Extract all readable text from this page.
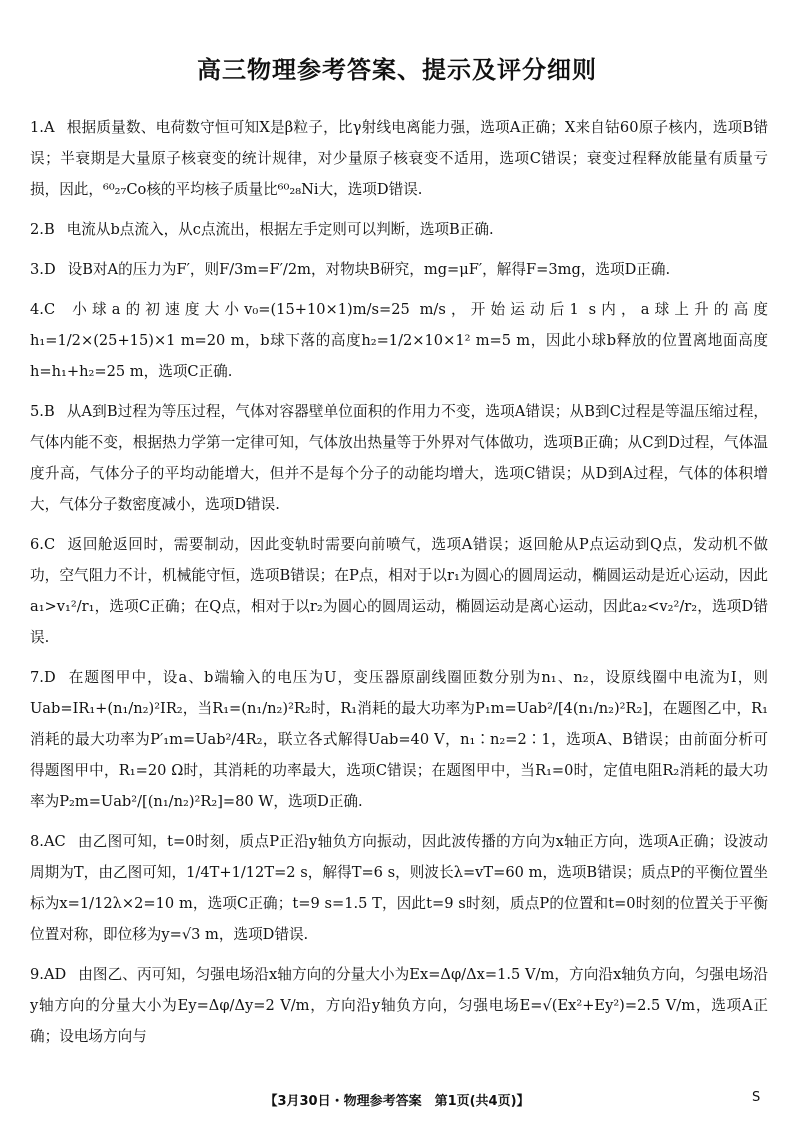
高三物理参考答案、提示及评分细则

1.A 根据质量数、电荷数守恒可知X是β粒子，比γ射线电离能力强，选项A正确；X来自钴60原子核内，选项B错误；半衰期是大量原子核衰变的统计规律，对少量原子核衰变不适用，选项C错误；衰变过程释放能量有质量亏损，因此，⁶⁰₂₇Co核的平均核子质量比⁶⁰₂₈Ni大，选项D错误.

2.B 电流从b点流入，从c点流出，根据左手定则可以判断，选项B正确.

3.D 设B对A的压力为F′，则F/3m=F′/2m，对物块B研究，mg=μF′，解得F=3mg，选项D正确.

4.C 小球a的初速度大小v₀=(15+10×1)m/s=25 m/s，开始运动后1 s内，a球上升的高度h₁=1/2×(25+15)×1 m=20 m，b球下落的高度h₂=1/2×10×1² m=5 m，因此小球b释放的位置离地面高度h=h₁+h₂=25 m，选项C正确.

5.B 从A到B过程为等压过程，气体对容器壁单位面积的作用力不变，选项A错误；从B到C过程是等温压缩过程，气体内能不变，根据热力学第一定律可知，气体放出热量等于外界对气体做功，选项B正确；从C到D过程，气体温度升高，气体分子的平均动能增大，但并不是每个分子的动能均增大，选项C错误；从D到A过程，气体的体积增大，气体分子数密度减小，选项D错误.

6.C 返回舱返回时，需要制动，因此变轨时需要向前喷气，选项A错误；返回舱从P点运动到Q点，发动机不做功，空气阻力不计，机械能守恒，选项B错误；在P点，相对于以r₁为圆心的圆周运动，椭圆运动是近心运动，因此a₁>v₁²/r₁，选项C正确；在Q点，相对于以r₂为圆心的圆周运动，椭圆运动是离心运动，因此a₂<v₂²/r₂，选项D错误.

7.D 在题图甲中，设a、b端输入的电压为U，变压器原副线圈匝数分别为n₁、n₂，设原线圈中电流为I，则Uab=IR₁+(n₁/n₂)²IR₂，当R₁=(n₁/n₂)²R₂时，R₁消耗的最大功率为P₁m=Uab²/[4(n₁/n₂)²R₂]，在题图乙中，R₁消耗的最大功率为P′₁m=Uab²/4R₂，联立各式解得Uab=40 V，n₁∶n₂=2∶1，选项A、B错误；由前面分析可得题图甲中，R₁=20 Ω时，其消耗的功率最大，选项C错误；在题图甲中，当R₁=0时，定值电阻R₂消耗的最大功率为P₂m=Uab²/[(n₁/n₂)²R₂]=80 W，选项D正确.

8.AC 由乙图可知，t=0时刻，质点P正沿y轴负方向振动，因此波传播的方向为x轴正方向，选项A正确；设波动周期为T，由乙图可知，1/4T+1/12T=2 s，解得T=6 s，则波长λ=vT=60 m，选项B错误；质点P的平衡位置坐标为x=1/12λ×2=10 m，选项C正确；t=9 s=1.5 T，因此t=9 s时刻，质点P的位置和t=0时刻的位置关于平衡位置对称，即位移为y=√3 m，选项D错误.

9.AD 由图乙、丙可知，匀强电场沿x轴方向的分量大小为Ex=Δφ/Δx=1.5 V/m，方向沿x轴负方向，匀强电场沿y轴方向的分量大小为Ey=Δφ/Δy=2 V/m，方向沿y轴负方向，匀强电场E=√(Ex²+Ey²)=2.5 V/m，选项A正确；设电场方向与

【3月30日・物理参考答案　第1页(共4页)】	S
